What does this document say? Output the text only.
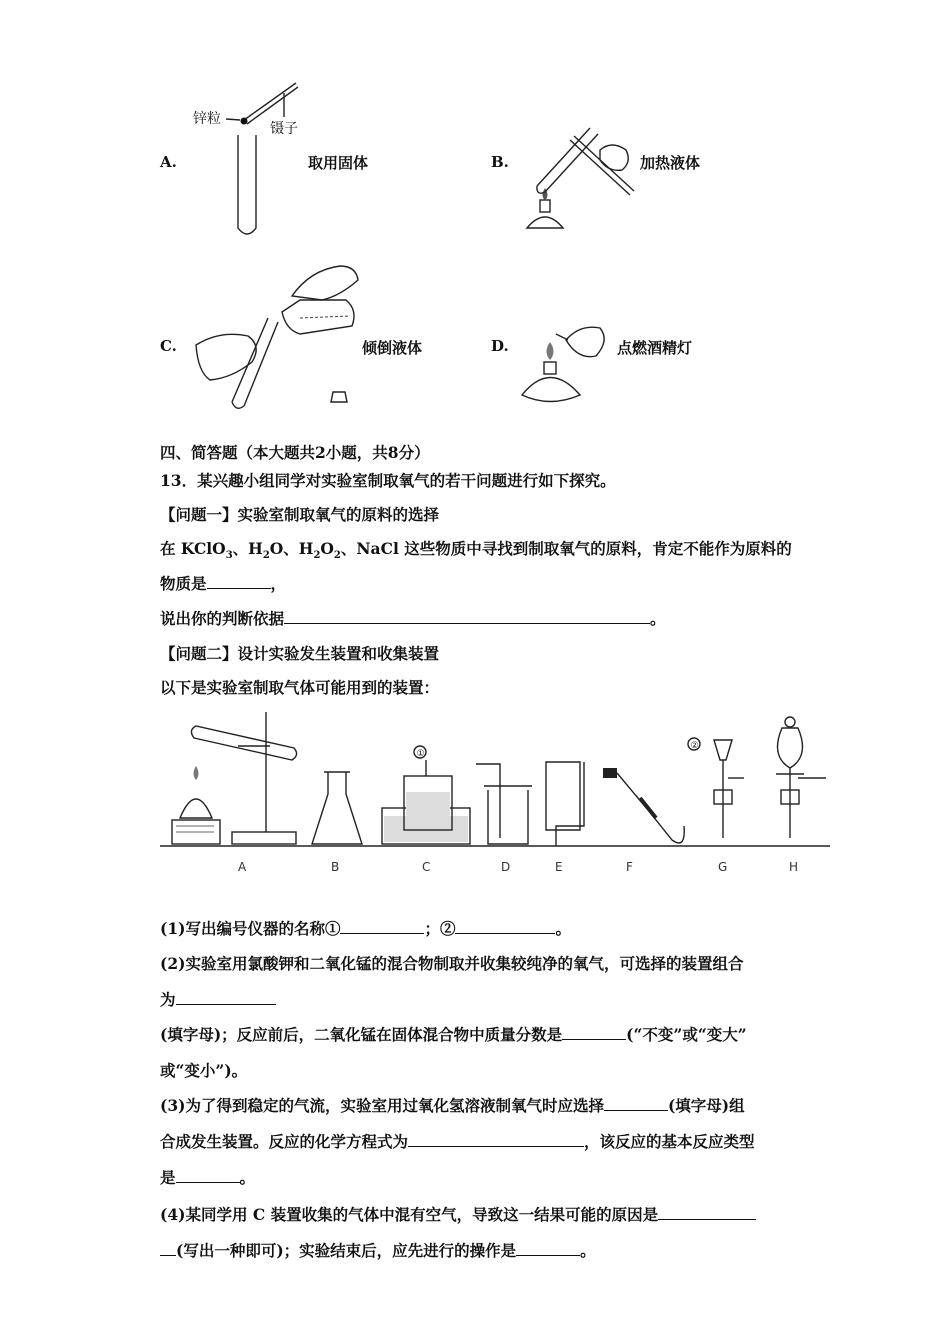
A.	取用固体
锌粒
镊子
B.	加热液体
C.	倾倒液体	D.	点燃酒精灯
四、简答题（本大题共2小题，共8分）
13．某兴趣小组同学对实验室制取氧气的若干问题进行如下探究。
【问题一】实验室制取氧气的原料的选择
在 KClO$_3$、$H_2O$、$H_2O_2$、NaCl 这些物质中寻找到制取氧气的原料，肯定不能作为原料的
物质是	，
说出你的判断依据	。
【问题二】设计实验发生装置和收集装置
以下是实验室制取气体可能用到的装置：
①
②
A	B	C	D	E	F	G	H
(1)写出编号仪器的名称①	；②	。
(2)实验室用氯酸钾和二氧化锰的混合物制取并收集较纯净的氧气，可选择的装置组合
为
(填字母)；反应前后，二氧化锰在固体混合物中质量分数是	(“不变”或“变大”
或“变小”)。
(3)为了得到稳定的气流，实验室用过氧化氢溶液制氧气时应选择	(填字母)组
合成发生装置。反应的化学方程式为	，该反应的基本反应类型
是	。
(4)某同学用 C 装置收集的气体中混有空气，导致这一结果可能的原因是
(写出一种即可)；实验结束后，应先进行的操作是	。
